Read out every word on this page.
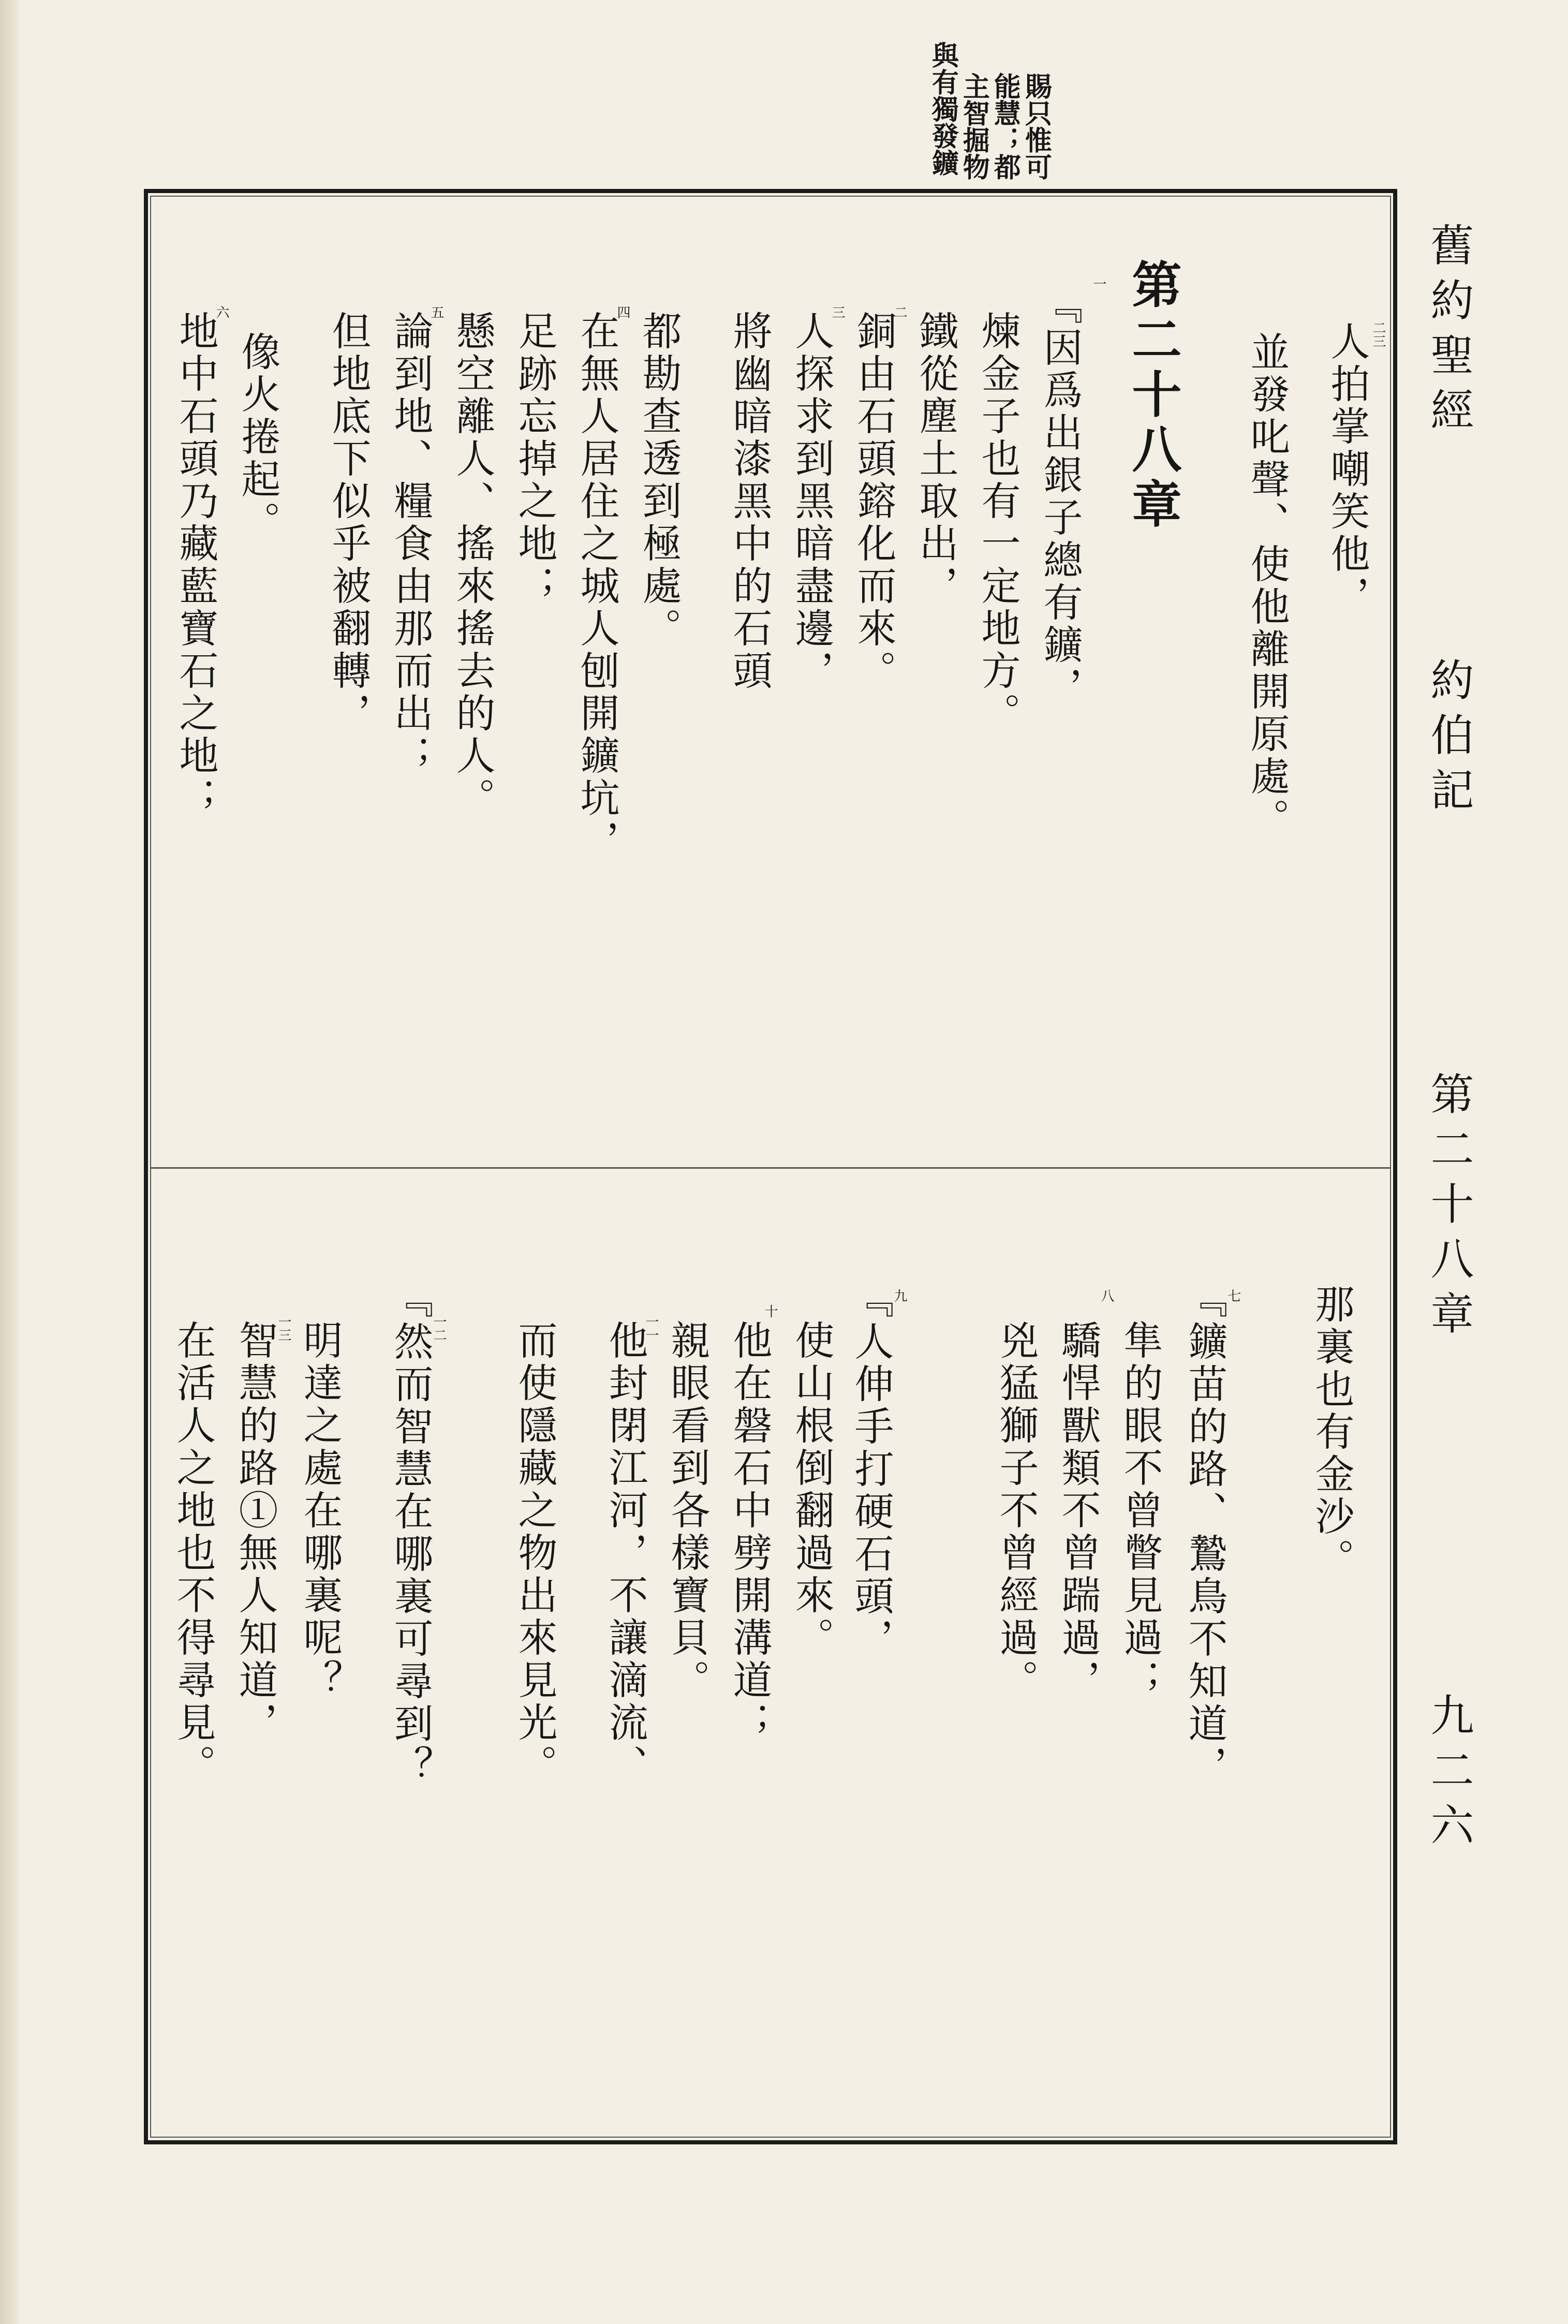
與有獨發鑛 主智掘物 能慧；都 賜只惟可
舊約聖經
約伯記
第二十八章
九二六
二三
人拍掌嘲笑他，
並發叱聲、使他離開原處。
第二十八章
一
『因爲出銀子總有鑛，
煉金子也有一定地方。
鐵從塵土取出，
二
銅由石頭鎔化而來。
三
人探求到黑暗盡邊，
將幽暗漆黑中的石頭
都勘查透到極處。
四
在無人居住之城人刨開鑛坑，
足跡忘掉之地；
懸空離人、搖來搖去的人。
五
論到地、糧食由那而出；
但地底下似乎被翻轉，
像火捲起。
六
地中石頭乃藏藍寶石之地；
那裏也有金沙。
七
『鑛苗的路、鷙鳥不知道，
隼的眼不曾瞥見過；
八
驕悍獸類不曾踹過，
兇猛獅子不曾經過。
九
『人伸手打硬石頭，
十
使山根倒翻過來。
他在磐石中劈開溝道；
一一 親眼看到各樣寶貝。
他封閉江河，不讓滴流、
而使隱藏之物出來見光。
一二
『然而智慧在哪裏可尋到？
明達之處在哪裏呢？
一三
智慧的路①無人知道，
在活人之地也不得尋見。
